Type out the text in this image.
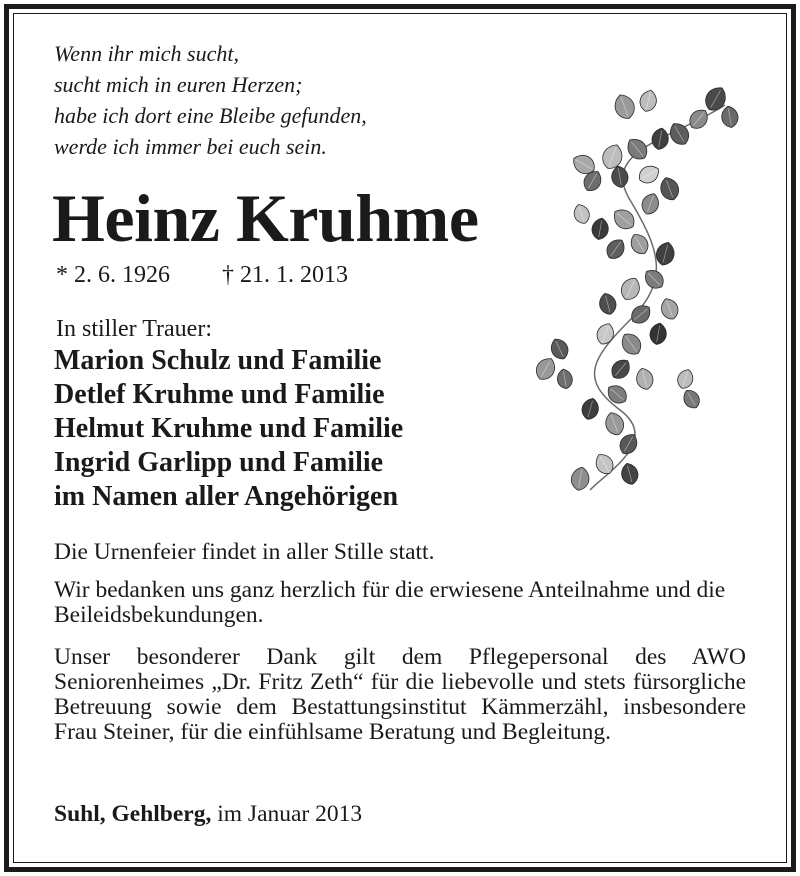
Wenn ihr mich sucht,
sucht mich in euren Herzen;
habe ich dort eine Bleibe gefunden,
werde ich immer bei euch sein.
Heinz Kruhme
* 2. 6. 1926 † 21. 1. 2013
In stiller Trauer:
Marion Schulz und Familie
Detlef Kruhme und Familie
Helmut Kruhme und Familie
Ingrid Garlipp und Familie
im Namen aller Angehörigen
Die Urnenfeier findet in aller Stille statt.
Wir bedanken uns ganz herzlich für die erwiesene Anteilnahme und die Beileidsbekundungen.
Unser besonderer Dank gilt dem Pflegepersonal des AWO Seniorenheimes „Dr. Fritz Zeth“ für die liebevolle und stets fürsorgliche Betreuung sowie dem Bestattungsinstitut Kämmerzähl, insbesondere Frau Steiner, für die einfühlsame Beratung und Begleitung.
Suhl, Gehlberg, im Januar 2013
